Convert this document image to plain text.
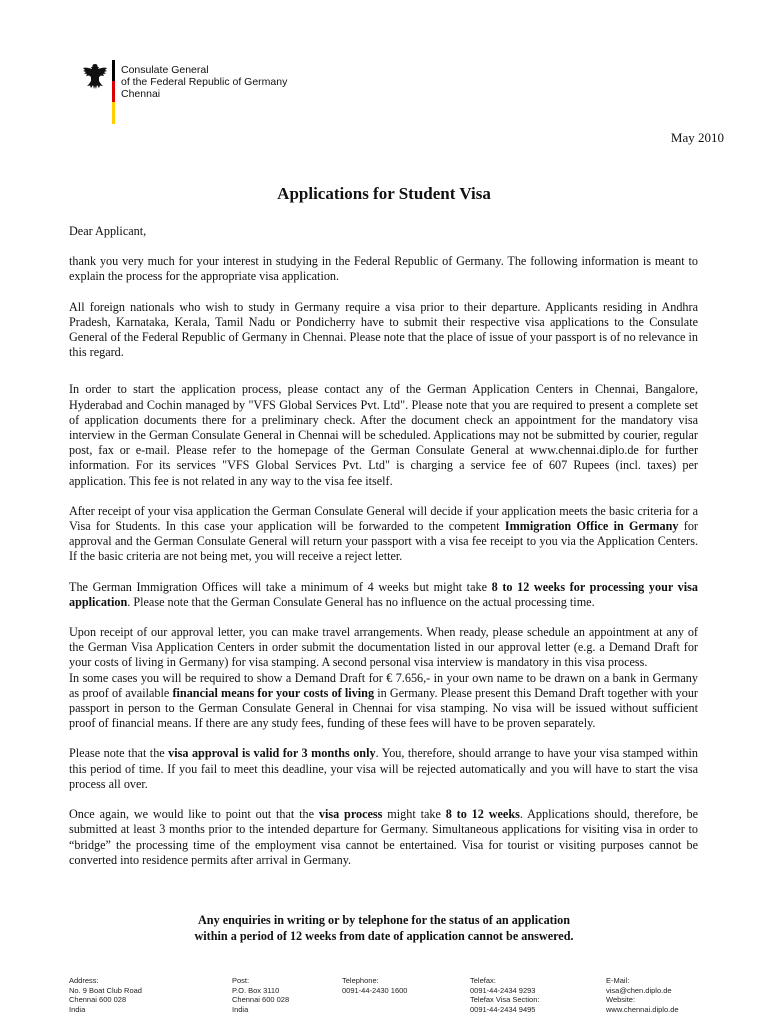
Consulate General
of the Federal Republic of Germany
Chennai
May 2010
Applications for Student Visa

Dear Applicant,

thank you very much for your interest in studying in the Federal Republic of Germany. The following information is meant to explain the process for the appropriate visa application.

All foreign nationals who wish to study in Germany require a visa prior to their departure. Applicants residing in Andhra Pradesh, Karnataka, Kerala, Tamil Nadu or Pondicherry have to submit their respective visa applications to the Consulate General of the Federal Republic of Germany in Chennai. Please note that the place of issue of your passport is of no relevance in this regard.

In order to start the application process, please contact any of the German Application Centers in Chennai, Bangalore, Hyderabad and Cochin managed by "VFS Global Services Pvt. Ltd". Please note that you are required to present a complete set of application documents there for a preliminary check. After the document check an appointment for the mandatory visa interview in the German Consulate General in Chennai will be scheduled. Applications may not be submitted by courier, regular post, fax or e-mail. Please refer to the homepage of the German Consulate General at www.chennai.diplo.de for further information. For its services "VFS Global Services Pvt. Ltd" is charging a service fee of 607 Rupees (incl. taxes) per application. This fee is not related in any way to the visa fee itself.

After receipt of your visa application the German Consulate General will decide if your application meets the basic criteria for a Visa for Students. In this case your application will be forwarded to the competent Immigration Office in Germany for approval and the German Consulate General will return your passport with a visa fee receipt to you via the Application Centers. If the basic criteria are not being met, you will receive a reject letter.

The German Immigration Offices will take a minimum of 4 weeks but might take 8 to 12 weeks for processing your visa application. Please note that the German Consulate General has no influence on the actual processing time.

Upon receipt of our approval letter, you can make travel arrangements. When ready, please schedule an appointment at any of the German Visa Application Centers in order submit the documentation listed in our approval letter (e.g. a Demand Draft for your costs of living in Germany) for visa stamping. A second personal visa interview is mandatory in this visa process.

In some cases you will be required to show a Demand Draft for € 7.656,- in your own name to be drawn on a bank in Germany as proof of available financial means for your costs of living in Germany. Please present this Demand Draft together with your passport in person to the German Consulate General in Chennai for visa stamping. No visa will be issued without sufficient proof of financial means. If there are any study fees, funding of these fees will have to be proven separately.

Please note that the visa approval is valid for 3 months only. You, therefore, should arrange to have your visa stamped within this period of time. If you fail to meet this deadline, your visa will be rejected automatically and you will have to start the visa process all over.

Once again, we would like to point out that the visa process might take 8 to 12 weeks. Applications should, therefore, be submitted at least 3 months prior to the intended departure for Germany. Simultaneous applications for visiting visa in order to “bridge” the processing time of the employment visa cannot be entertained. Visa for tourist or visiting purposes cannot be converted into residence permits after arrival in Germany.

Any enquiries in writing or by telephone for the status of an application
within a period of 12 weeks from date of application cannot be answered.
Address:
No. 9 Boat Club Road
Chennai 600 028
India
Post:
P.O. Box 3110
Chennai 600 028
India
Telephone:
0091-44-2430 1600
Telefax:
0091-44-2434 9293
Telefax Visa Section:
0091-44-2434 9495
E-Mail:
visa@chen.diplo.de
Website:
www.chennai.diplo.de
